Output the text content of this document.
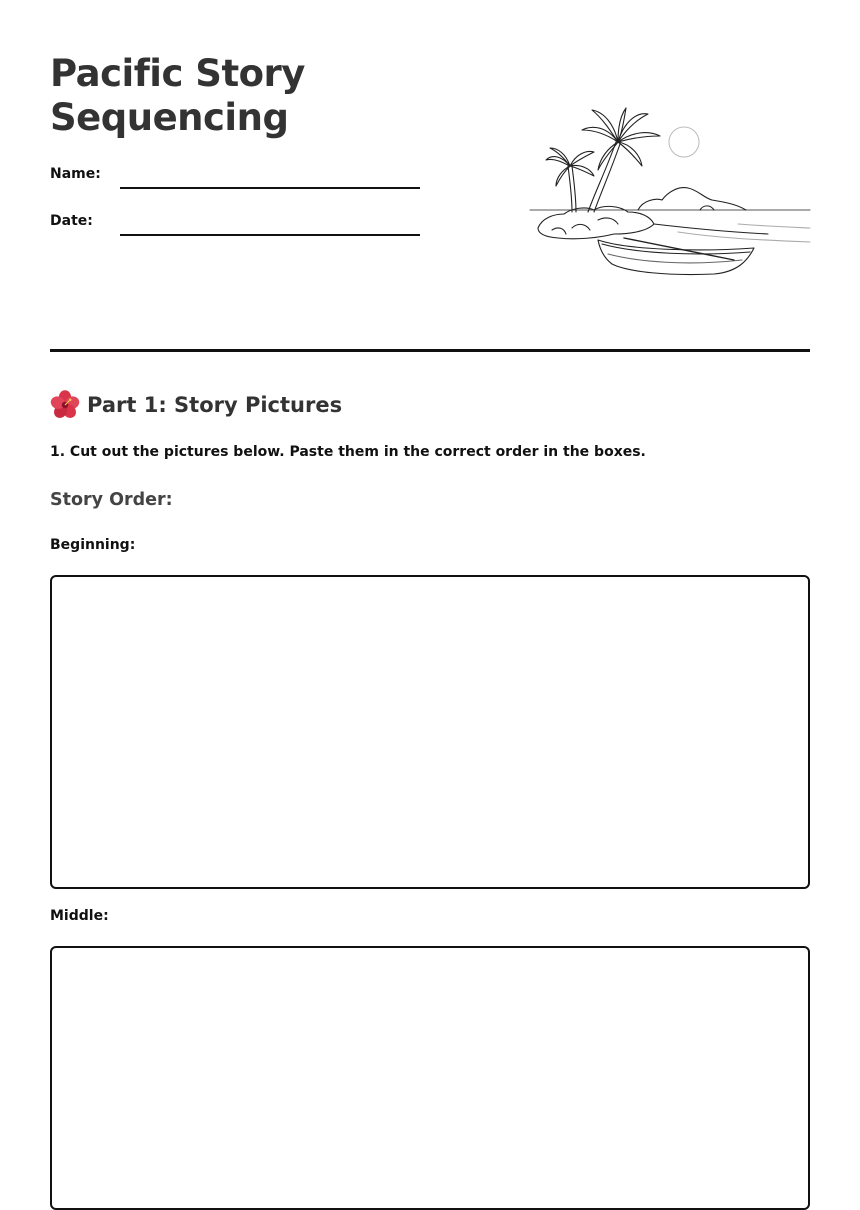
Pacific Story
Sequencing
Name:
Date:
Part 1: Story Pictures
1. Cut out the pictures below. Paste them in the correct order in the boxes.
Story Order:
Beginning:
Middle:
